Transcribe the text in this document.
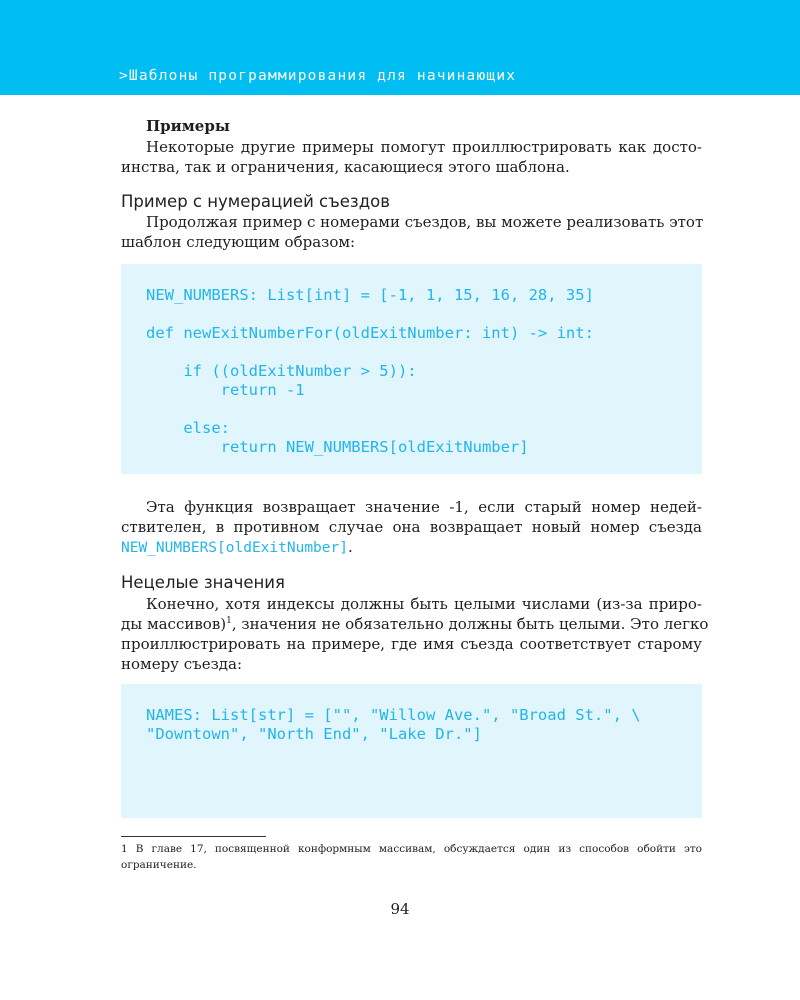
>Шаблоны программирования для начинающих
Примеры

Некоторые другие примеры помогут проиллюстрировать как досто-
инства, так и ограничения, касающиеся этого шаблона.

Пример с нумерацией съездов

Продолжая пример с номерами съездов, вы можете реализовать этот
шаблон следующим образом:

NEW_NUMBERS: List[int] = [-1, 1, 15, 16, 28, 35]
def newExitNumberFor(oldExitNumber: int) -> int:
if ((oldExitNumber > 5)):
return -1
else:
return NEW_NUMBERS[oldExitNumber]

Эта функция возвращает значение -1, если старый номер недей-
ствителен, в противном случае она возвращает новый номер съезда
NEW_NUMBERS[oldExitNumber].

Нецелые значения

Конечно, хотя индексы должны быть целыми числами (из-за приро-
ды массивов)$^1$, значения не обязательно должны быть целыми. Это легко
проиллюстрировать на примере, где имя съезда соответствует старому
номеру съезда:

NAMES: List[str] = ["", "Willow Ave.", "Broad St.", \
"Downtown", "North End", "Lake Dr."]
1 В главе 17, посвященной конформным массивам, обсуждается один из способов обойти это
ограничение.
94
